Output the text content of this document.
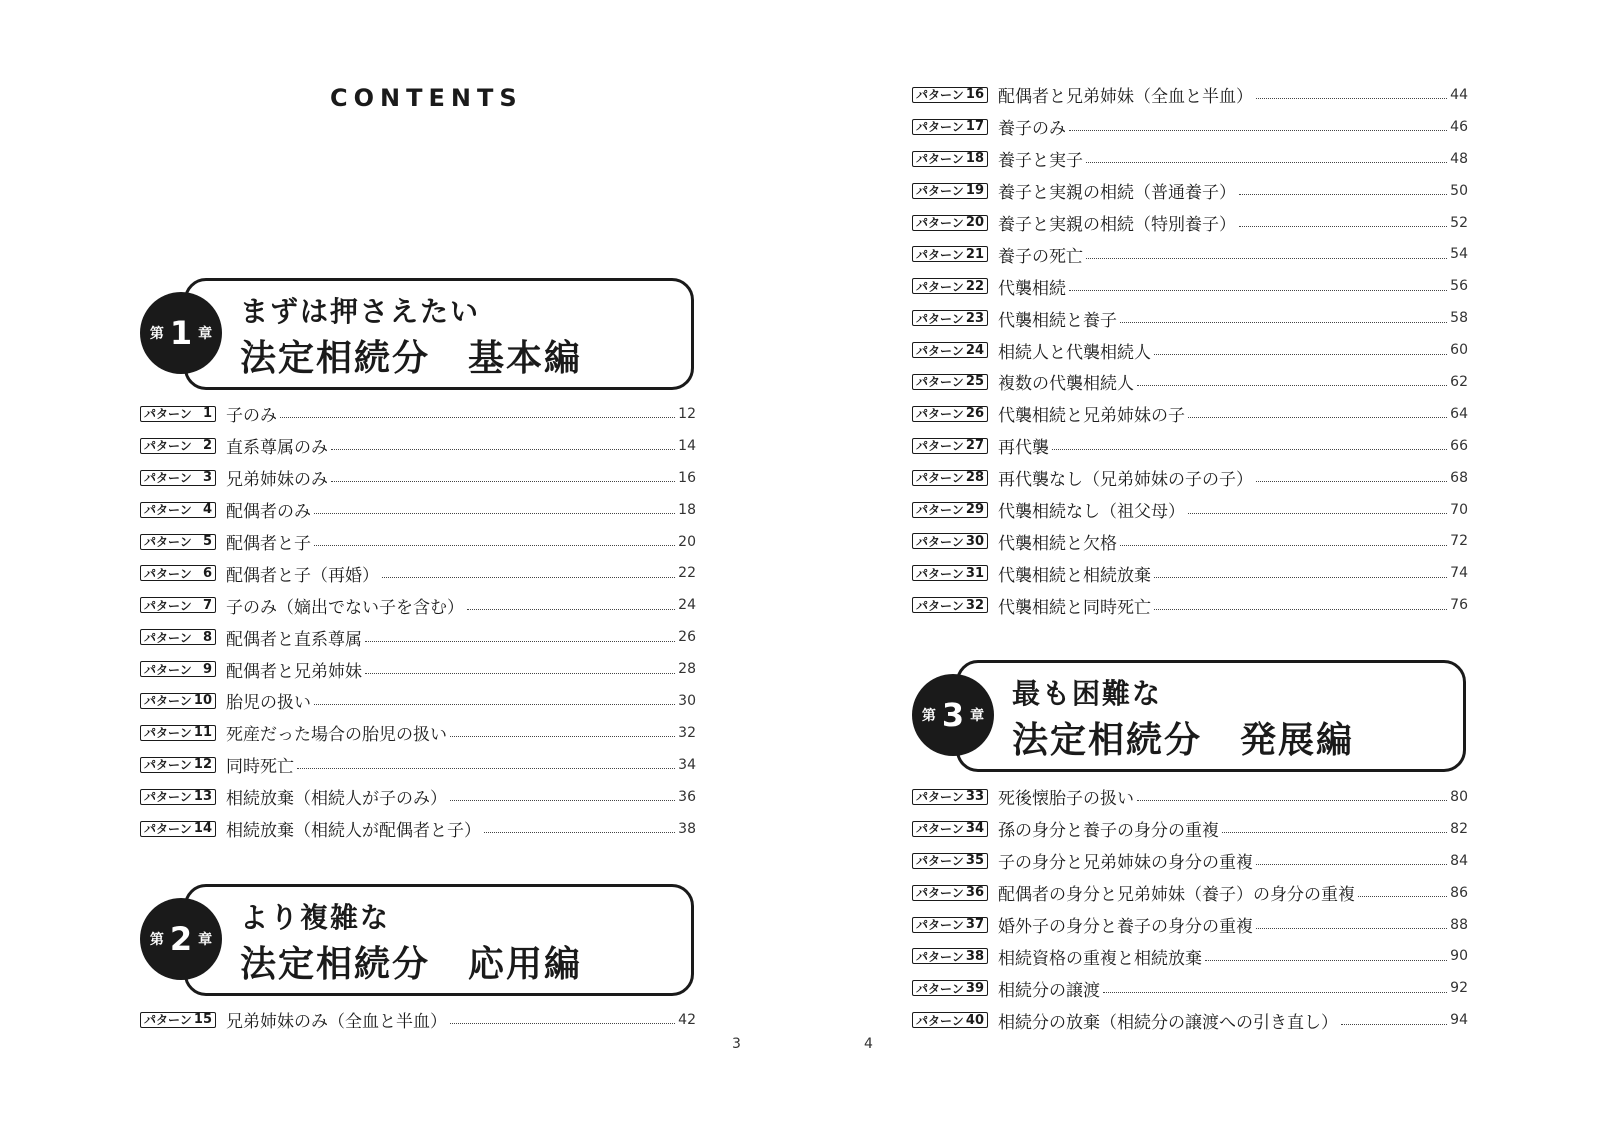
CONTENTS
第 1 章
まずは押さえたい
法定相続分　基本編
第 2 章
より複雑な
法定相続分　応用編
第 3 章
最も困難な
法定相続分　発展編
パターン 1 子のみ	12
パターン 2 直系尊属のみ	14
パターン 3 兄弟姉妹のみ	16
パターン 4 配偶者のみ	18
パターン 5 配偶者と子	20
パターン 6 配偶者と子（再婚）	22
パターン 7 子のみ（嫡出でない子を含む）	24
パターン 8 配偶者と直系尊属	26
パターン 9 配偶者と兄弟姉妹	28
パターン 10 胎児の扱い	30
パターン 11 死産だった場合の胎児の扱い	32
パターン 12 同時死亡	34
パターン 13 相続放棄（相続人が子のみ）	36
パターン 14 相続放棄（相続人が配偶者と子）	38
パターン 15 兄弟姉妹のみ（全血と半血）	42
パターン 16 配偶者と兄弟姉妹（全血と半血）	44
パターン 17 養子のみ	46
パターン 18 養子と実子	48
パターン 19 養子と実親の相続（普通養子）	50
パターン 20 養子と実親の相続（特別養子）	52
パターン 21 養子の死亡	54
パターン 22 代襲相続	56
パターン 23 代襲相続と養子	58
パターン 24 相続人と代襲相続人	60
パターン 25 複数の代襲相続人	62
パターン 26 代襲相続と兄弟姉妹の子	64
パターン 27 再代襲	66
パターン 28 再代襲なし（兄弟姉妹の子の子）	68
パターン 29 代襲相続なし（祖父母）	70
パターン 30 代襲相続と欠格	72
パターン 31 代襲相続と相続放棄	74
パターン 32 代襲相続と同時死亡	76
パターン 33 死後懐胎子の扱い	80
パターン 34 孫の身分と養子の身分の重複	82
パターン 35 子の身分と兄弟姉妹の身分の重複	84
パターン 36 配偶者の身分と兄弟姉妹（養子）の身分の重複	86
パターン 37 婚外子の身分と養子の身分の重複	88
パターン 38 相続資格の重複と相続放棄	90
パターン 39 相続分の譲渡	92
パターン 40 相続分の放棄（相続分の譲渡への引き直し）	94
3	4
